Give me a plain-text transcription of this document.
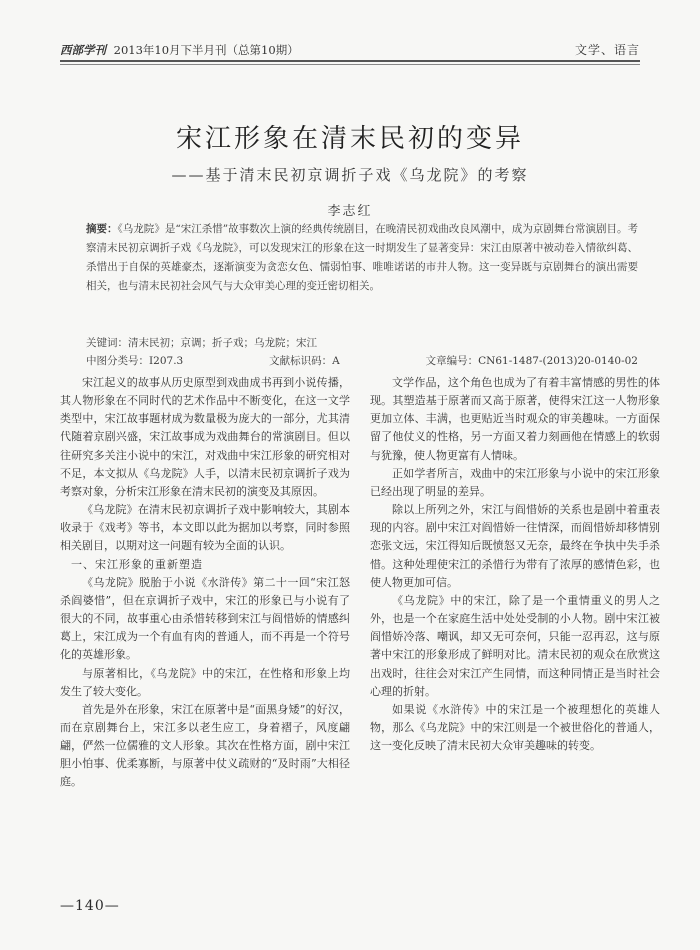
西部学刊 2013年10月下半月刊（总第10期）	文学、语言
宋江形象在清末民初的变异
——基于清末民初京调折子戏《乌龙院》的考察
李志红
摘要：《乌龙院》是“宋江杀惜”故事数次上演的经典传统剧目，在晚清民初戏曲改良风潮中，成为京剧舞台常演剧目。考察清末民初京调折子戏《乌龙院》，可以发现宋江的形象在这一时期发生了显著变异：宋江由原著中被动卷入情欲纠葛、杀惜出于自保的英雄豪杰，逐渐演变为贪恋女色、懦弱怕事、唯唯诺诺的市井人物。这一变异既与京剧舞台的演出需要相关，也与清末民初社会风气与大众审美心理的变迁密切相关。
关键词：清末民初；京调；折子戏；乌龙院；宋江
中图分类号：I207.3	文献标识码：A	文章编号：CN61-1487-(2013)20-0140-02

宋江起义的故事从历史原型到戏曲成书再到小说传播，其人物形象在不同时代的艺术作品中不断变化，在这一文学类型中，宋江故事题材成为数量极为庞大的一部分，尤其清代随着京剧兴盛，宋江故事成为戏曲舞台的常演剧目。但以往研究多关注小说中的宋江，对戏曲中宋江形象的研究相对不足，本文拟从《乌龙院》人手，以清末民初京调折子戏为考察对象，分析宋江形象在清末民初的演变及其原因。

《乌龙院》在清末民初京调折子戏中影响较大，其剧本收录于《戏考》等书，本文即以此为据加以考察，同时参照相关剧目，以期对这一问题有较为全面的认识。

一、宋江形象的重新塑造

《乌龙院》脱胎于小说《水浒传》第二十一回“宋江怒杀阎婆惜”，但在京调折子戏中，宋江的形象已与小说有了很大的不同，故事重心由杀惜转移到宋江与阎惜娇的情感纠葛上，宋江成为一个有血有肉的普通人，而不再是一个符号化的英雄形象。

与原著相比，《乌龙院》中的宋江，在性格和形象上均发生了较大变化。

首先是外在形象，宋江在原著中是“面黑身矮”的好汉，而在京剧舞台上，宋江多以老生应工，身着褶子，风度翩翩，俨然一位儒雅的文人形象。其次在性格方面，剧中宋江胆小怕事、优柔寡断，与原著中仗义疏财的“及时雨”大相径庭。

文学作品，这个角色也成为了有着丰富情感的男性的体现。其塑造基于原著而又高于原著，使得宋江这一人物形象更加立体、丰满，也更贴近当时观众的审美趣味。一方面保留了他仗义的性格，另一方面又着力刻画他在情感上的软弱与犹豫，使人物更富有人情味。

正如学者所言，戏曲中的宋江形象与小说中的宋江形象已经出现了明显的差异。

除以上所列之外，宋江与阎惜娇的关系也是剧中着重表现的内容。剧中宋江对阎惜娇一往情深，而阎惜娇却移情别恋张文远，宋江得知后既愤怒又无奈，最终在争执中失手杀惜。这种处理使宋江的杀惜行为带有了浓厚的感情色彩，也使人物更加可信。

《乌龙院》中的宋江，除了是一个重情重义的男人之外，也是一个在家庭生活中处处受制的小人物。剧中宋江被阎惜娇冷落、嘲讽，却又无可奈何，只能一忍再忍，这与原著中宋江的形象形成了鲜明对比。清末民初的观众在欣赏这出戏时，往往会对宋江产生同情，而这种同情正是当时社会心理的折射。

如果说《水浒传》中的宋江是一个被理想化的英雄人物，那么《乌龙院》中的宋江则是一个被世俗化的普通人，这一变化反映了清末民初大众审美趣味的转变。

—140—
